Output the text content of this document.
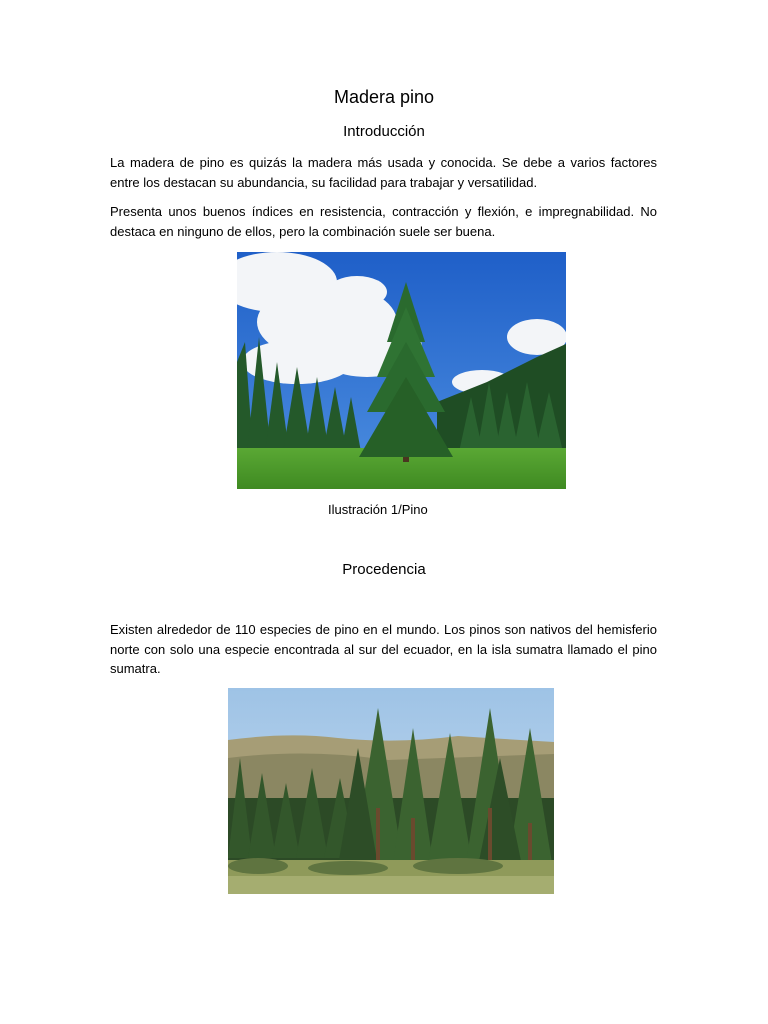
Madera pino
Introducción

La madera de pino es quizás la madera más usada y conocida. Se debe a varios factores entre los destacan su abundancia, su facilidad para trabajar y versatilidad.

Presenta unos buenos índices en resistencia, contracción y flexión, e impregnabilidad. No destaca en ninguno de ellos, pero la combinación suele ser buena.

Ilustración 1/Pino

Procedencia

Existen alrededor de 110 especies de pino en el mundo. Los pinos son nativos del hemisferio norte con solo una especie encontrada al sur del ecuador, en la isla sumatra llamado el pino sumatra.
